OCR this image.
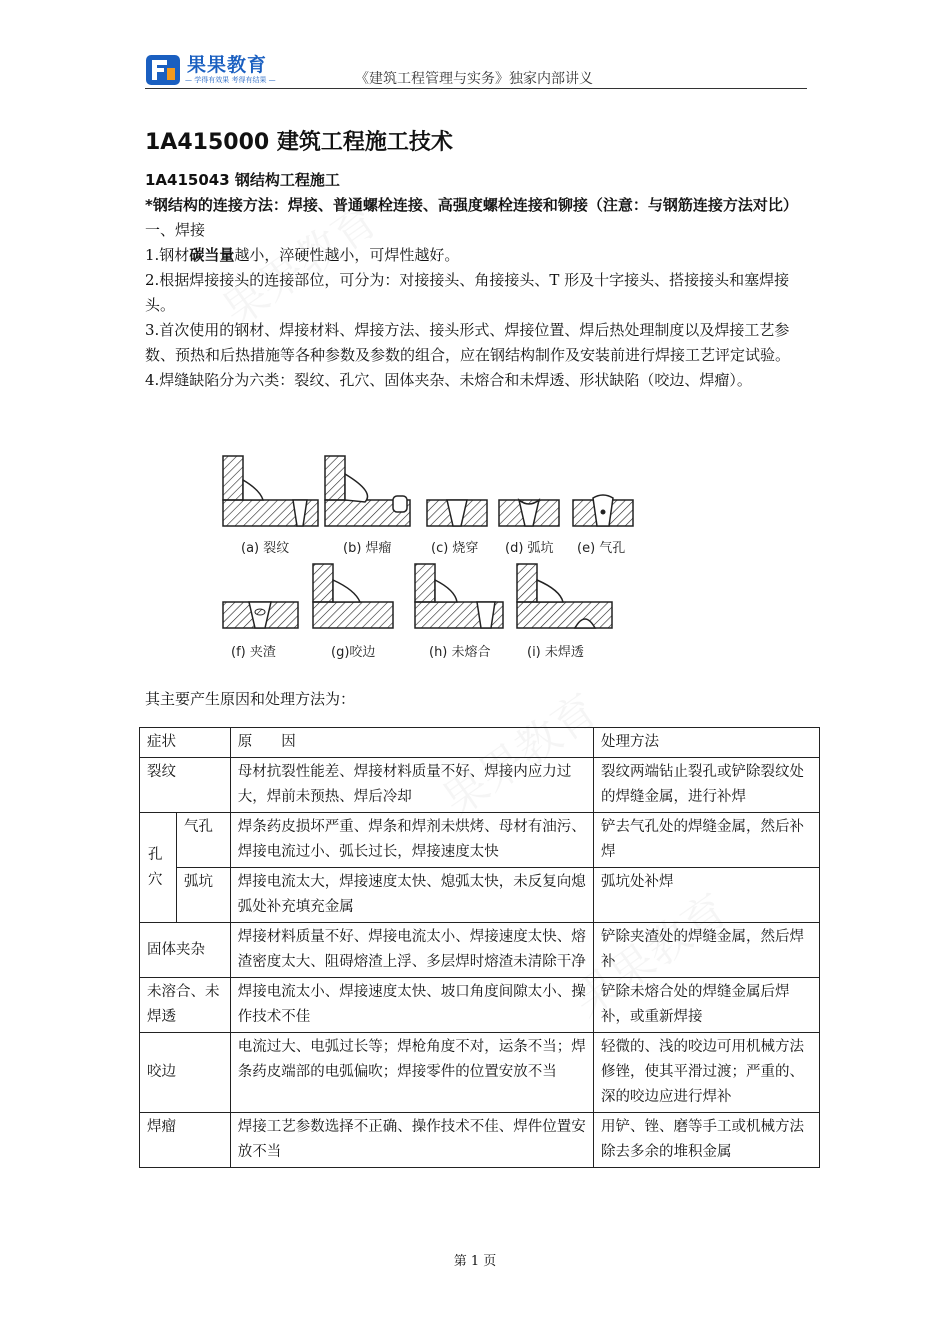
果果教育
— 学得有效果 考得有结果 —	《建筑工程管理与实务》独家内部讲义
1A415000 建筑工程施工技术
1A415043 钢结构工程施工
*钢结构的连接方法：焊接、普通螺栓连接、高强度螺栓连接和铆接（注意：与钢筋连接方法对比）
一、焊接
1.钢材碳当量越小，淬硬性越小，可焊性越好。
2.根据焊接接头的连接部位，可分为：对接接头、角接接头、T 形及十字接头、搭接接头和塞焊接头。
3.首次使用的钢材、焊接材料、焊接方法、接头形式、焊接位置、焊后热处理制度以及焊接工艺参数、预热和后热措施等各种参数及参数的组合，应在钢结构制作及安装前进行焊接工艺评定试验。
4.焊缝缺陷分为六类：裂纹、孔穴、固体夹杂、未熔合和未焊透、形状缺陷（咬边、焊瘤）。
(a) 裂纹	(b) 焊瘤	(c) 烧穿 (d) 弧坑 (e) 气孔
(f) 夹渣	(g)咬边	(h) 未熔合	(i) 未焊透
其主要产生原因和处理方法为：
症状		原　　因	处理方法
裂纹		母材抗裂性能差、焊接材料质量不好、焊接内应力过大，焊前未预热、焊后冷却	裂纹两端钻止裂孔或铲除裂纹处的焊缝金属，进行补焊
孔穴	气孔	焊条药皮损坏严重、焊条和焊剂未烘烤、母材有油污、焊接电流过小、弧长过长，焊接速度太快	铲去气孔处的焊缝金属，然后补焊
	弧坑	焊接电流太大，焊接速度太快、熄弧太快，未反复向熄弧处补充填充金属	弧坑处补焊
固体夹杂		焊接材料质量不好、焊接电流太小、焊接速度太快、熔渣密度太大、阻碍熔渣上浮、多层焊时熔渣未清除干净	铲除夹渣处的焊缝金属，然后焊补
未溶合、未焊透		焊接电流太小、焊接速度太快、坡口角度间隙太小、操作技术不佳	铲除未熔合处的焊缝金属后焊补，或重新焊接
咬边		电流过大、电弧过长等；焊枪角度不对，运条不当；焊条药皮端部的电弧偏吹；焊接零件的位置安放不当	轻微的、浅的咬边可用机械方法修锉，使其平滑过渡；严重的、深的咬边应进行焊补
焊瘤		焊接工艺参数选择不正确、操作技术不佳、焊件位置安放不当	用铲、锉、磨等手工或机械方法除去多余的堆积金属
第 1 页
